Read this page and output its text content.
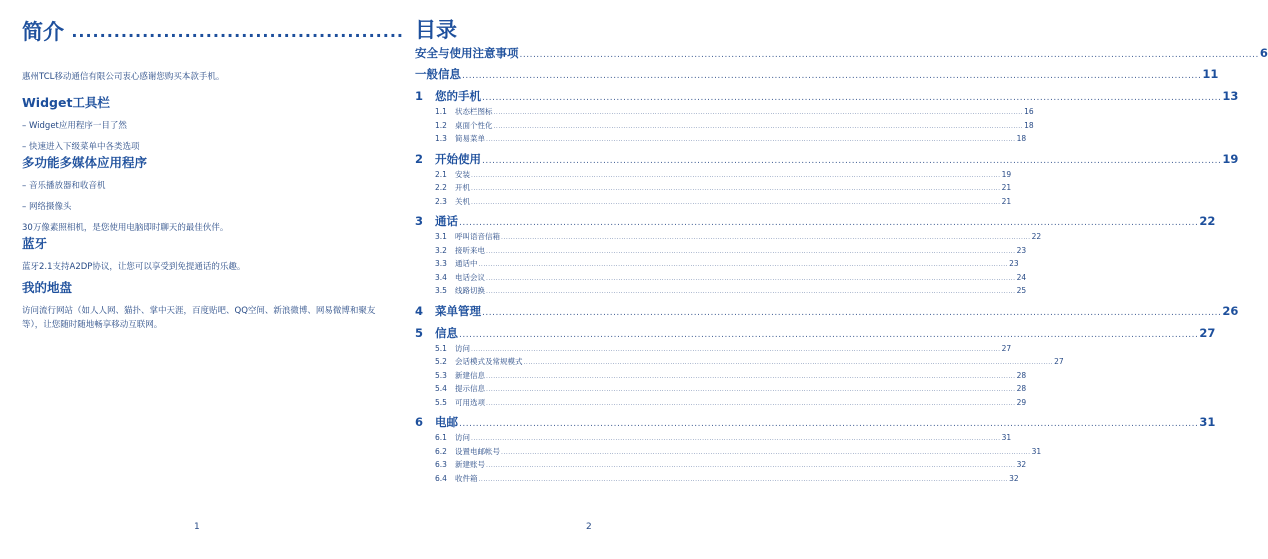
简介 ...............................................
惠州TCL移动通信有限公司衷心感谢您购买本款手机。
Widget工具栏

– Widget应用程序一目了然

– 快速进入下级菜单中各类选项

多功能多媒体应用程序

– 音乐播放器和收音机

– 网络摄像头

30万像素照相机，是您使用电脑即时聊天的最佳伙伴。

蓝牙

蓝牙2.1支持A2DP协议，让您可以享受到免提通话的乐趣。

我的地盘

访问流行网站（如人人网、猫扑、掌中天涯，百度贴吧、QQ空间、新浪微博、网易微博和聚友等），让您随时随地畅享移动互联网。

1
目录
安全与使用注意事项 ............................................................................................................................................................................................................................ 6
一般信息 ............................................................................................................................................................................................................................ 11
1	您的手机 ............................................................................................................................................................................................................................ 13
1.1	状态栏图标 ............................................................................................................................................................................................................................ 16
1.2	桌面个性化 ............................................................................................................................................................................................................................ 18
1.3	简易菜单 ............................................................................................................................................................................................................................ 18
2	开始使用 ............................................................................................................................................................................................................................ 19
2.1	安装 ............................................................................................................................................................................................................................ 19
2.2	开机 ............................................................................................................................................................................................................................ 21
2.3	关机 ............................................................................................................................................................................................................................ 21
3	通话 ............................................................................................................................................................................................................................ 22
3.1	呼叫语音信箱 ............................................................................................................................................................................................................................ 22
3.2	接听来电 ............................................................................................................................................................................................................................ 23
3.3	通话中 ............................................................................................................................................................................................................................ 23
3.4	电话会议 ............................................................................................................................................................................................................................ 24
3.5	线路切换 ............................................................................................................................................................................................................................ 25
4	菜单管理 ............................................................................................................................................................................................................................ 26
5	信息 ............................................................................................................................................................................................................................ 27
5.1	访问 ............................................................................................................................................................................................................................ 27
5.2	会话模式及常规模式 ............................................................................................................................................................................................................................ 27
5.3	新建信息 ............................................................................................................................................................................................................................ 28
5.4	提示信息 ............................................................................................................................................................................................................................ 28
5.5	可用选项 ............................................................................................................................................................................................................................ 29
6	电邮 ............................................................................................................................................................................................................................ 31
6.1	访问 ............................................................................................................................................................................................................................ 31
6.2	设置电邮帐号 ............................................................................................................................................................................................................................ 31
6.3	新建账号 ............................................................................................................................................................................................................................ 32
6.4	收件箱 ............................................................................................................................................................................................................................ 32
2
